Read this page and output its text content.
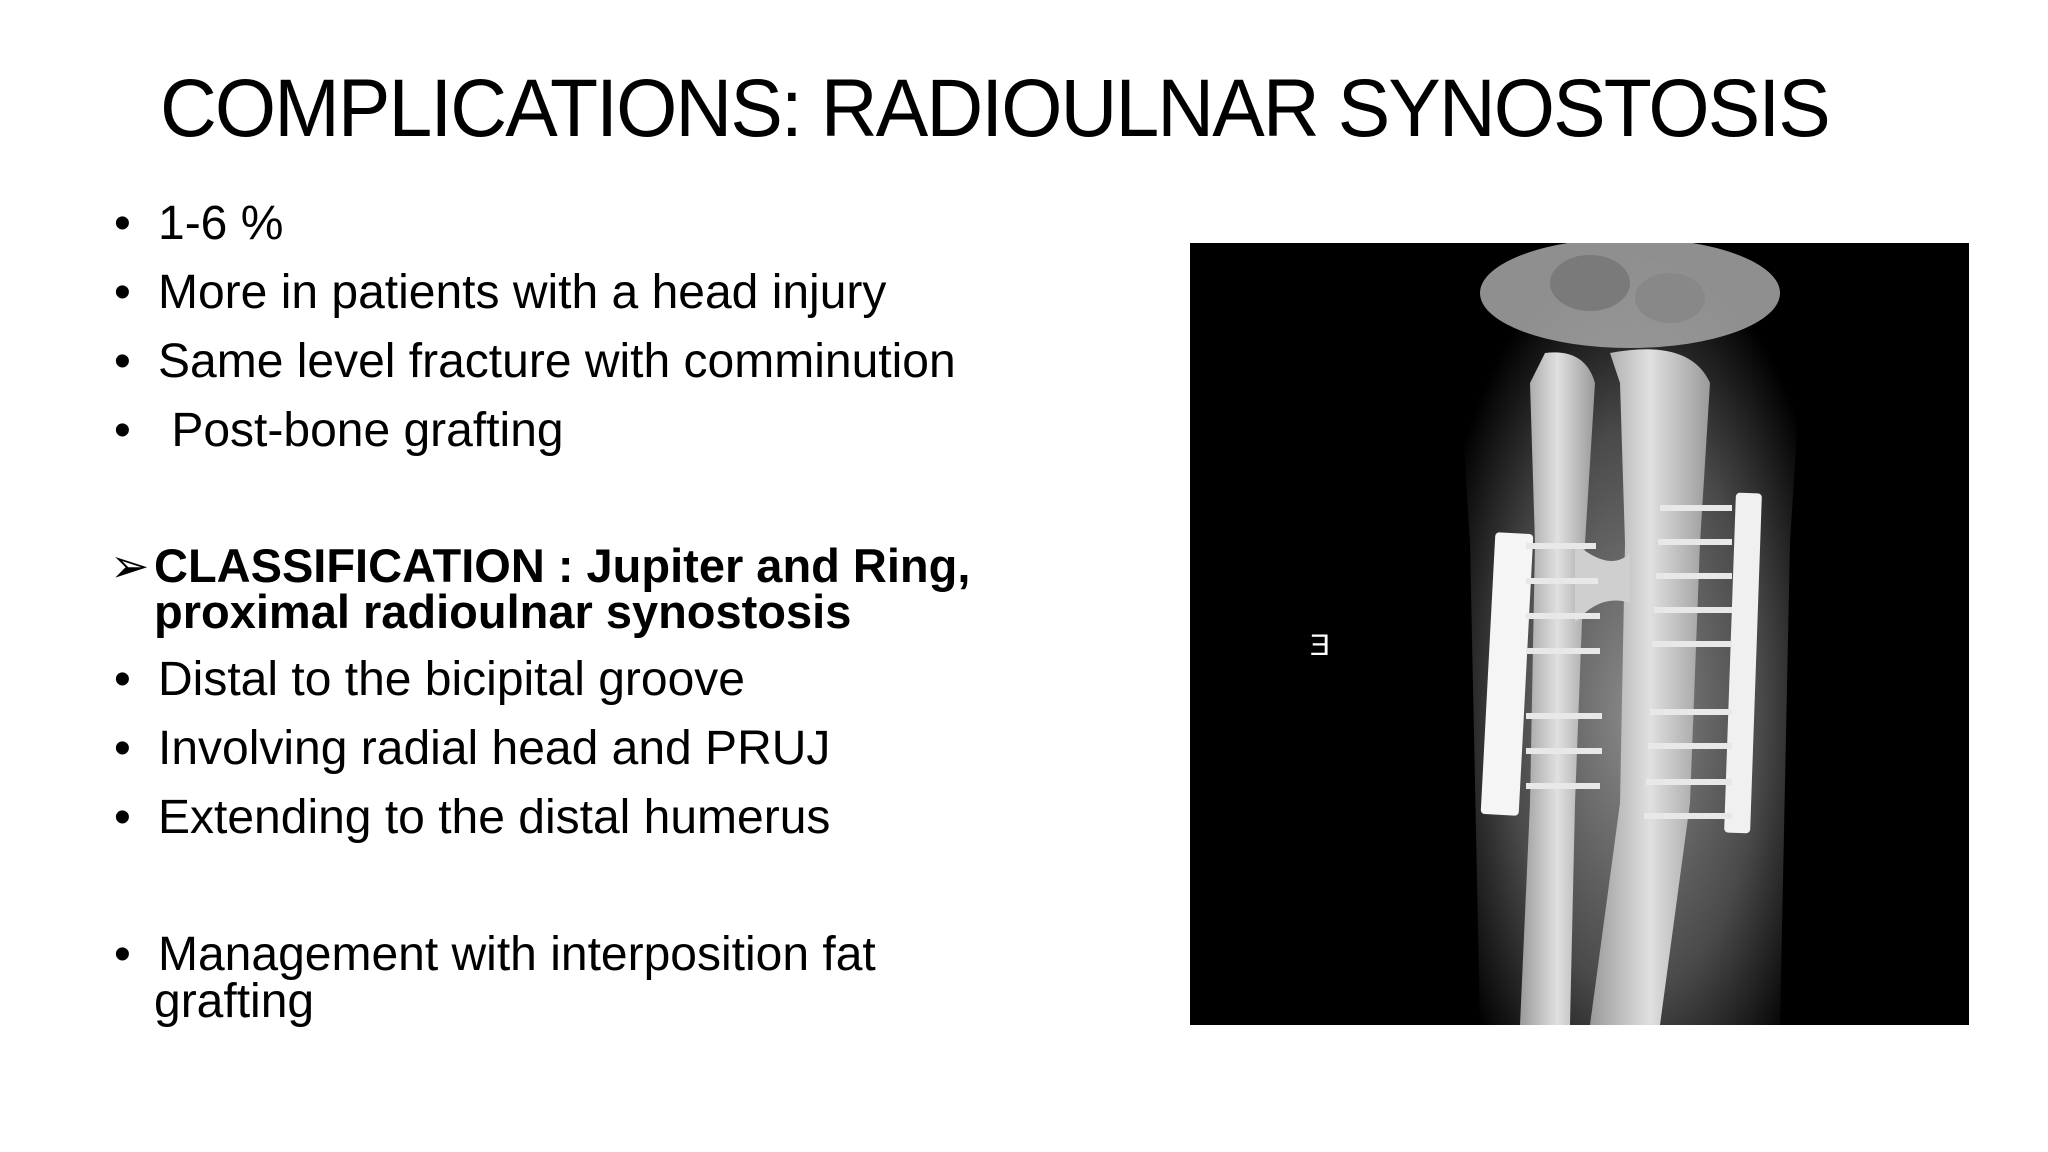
COMPLICATIONS: RADIOULNAR SYNOSTOSIS
• 1-6 %
• More in patients with a head injury
• Same level fracture with comminution
• Post-bone grafting
➢CLASSIFICATION : Jupiter and Ring,
proximal radioulnar synostosis
• Distal to the bicipital groove
• Involving radial head and PRUJ
• Extending to the distal humerus
• Management with interposition fat
grafting
E
